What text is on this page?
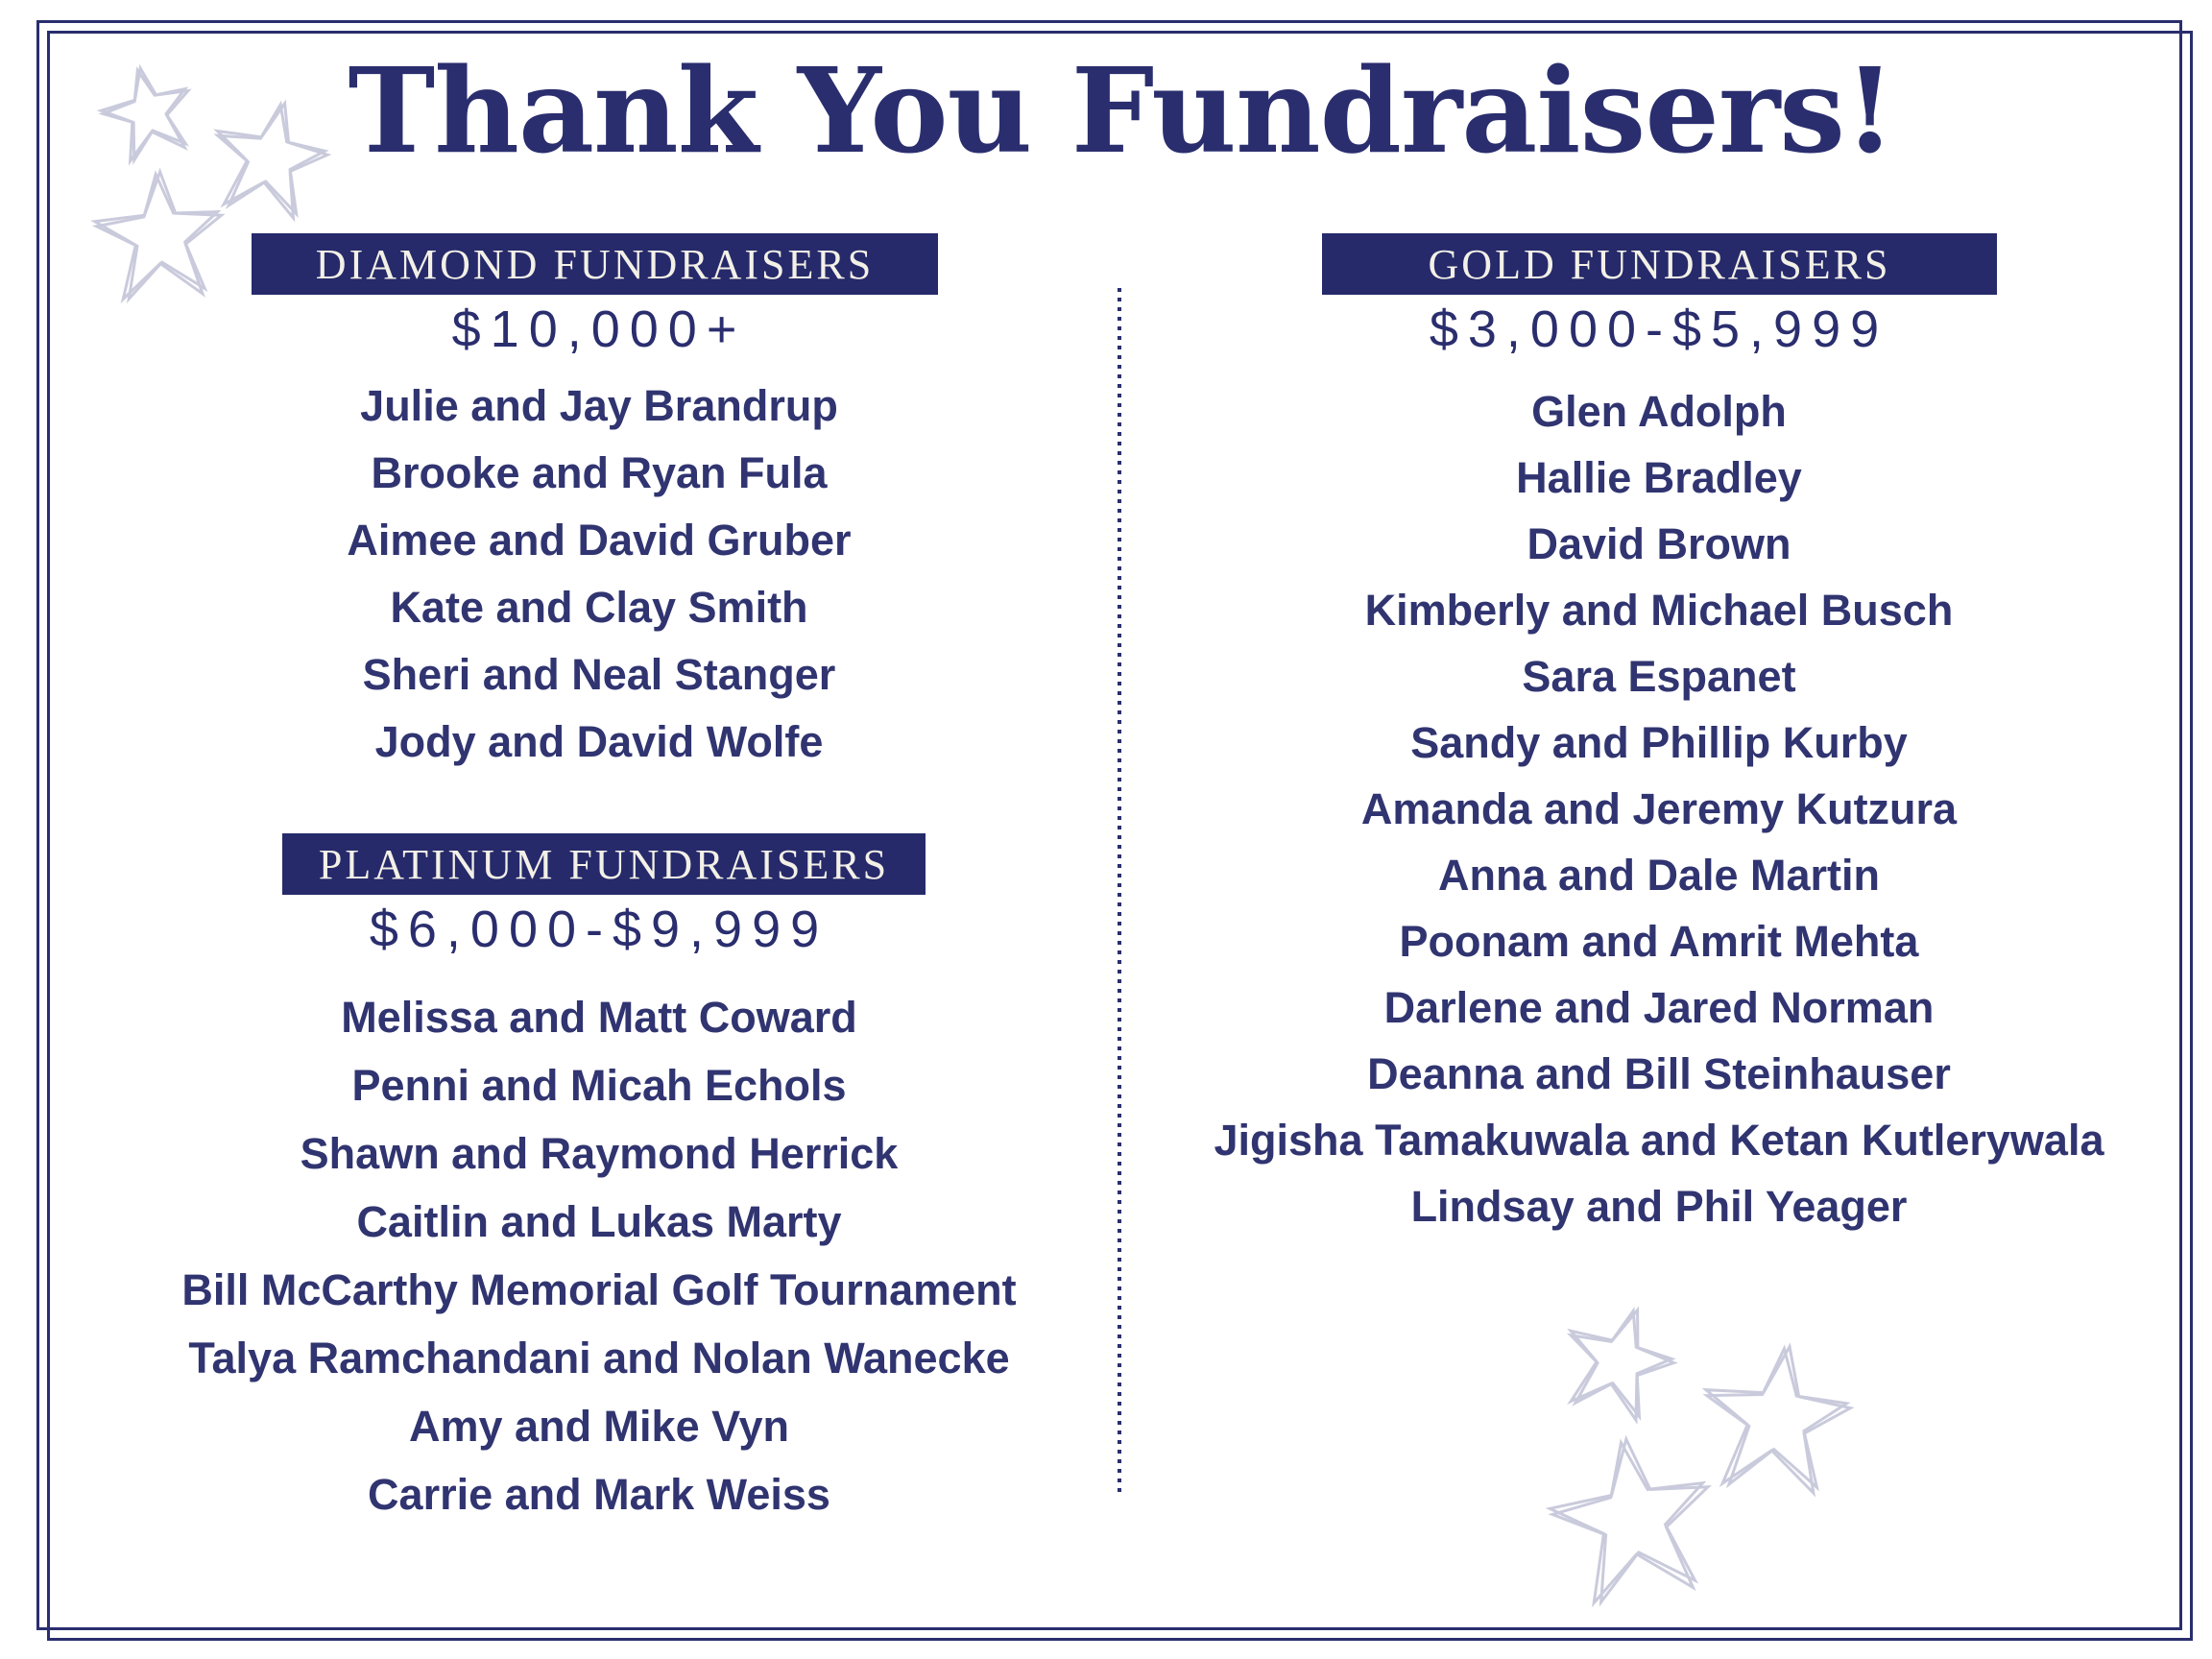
Thank You Fundraisers!
DIAMOND FUNDRAISERS
$10,000+
Julie and Jay Brandrup
Brooke and Ryan Fula
Aimee and David Gruber
Kate and Clay Smith
Sheri and Neal Stanger
Jody and David Wolfe
PLATINUM FUNDRAISERS
$6,000-$9,999
Melissa and Matt Coward
Penni and Micah Echols
Shawn and Raymond Herrick
Caitlin and Lukas Marty
Bill McCarthy Memorial Golf Tournament
Talya Ramchandani and Nolan Wanecke
Amy and Mike Vyn
Carrie and Mark Weiss
GOLD FUNDRAISERS
$3,000-$5,999
Glen Adolph
Hallie Bradley
David Brown
Kimberly and Michael Busch
Sara Espanet
Sandy and Phillip Kurby
Amanda and Jeremy Kutzura
Anna and Dale Martin
Poonam and Amrit Mehta
Darlene and Jared Norman
Deanna and Bill Steinhauser
Jigisha Tamakuwala and Ketan Kutlerywala
Lindsay and Phil Yeager
